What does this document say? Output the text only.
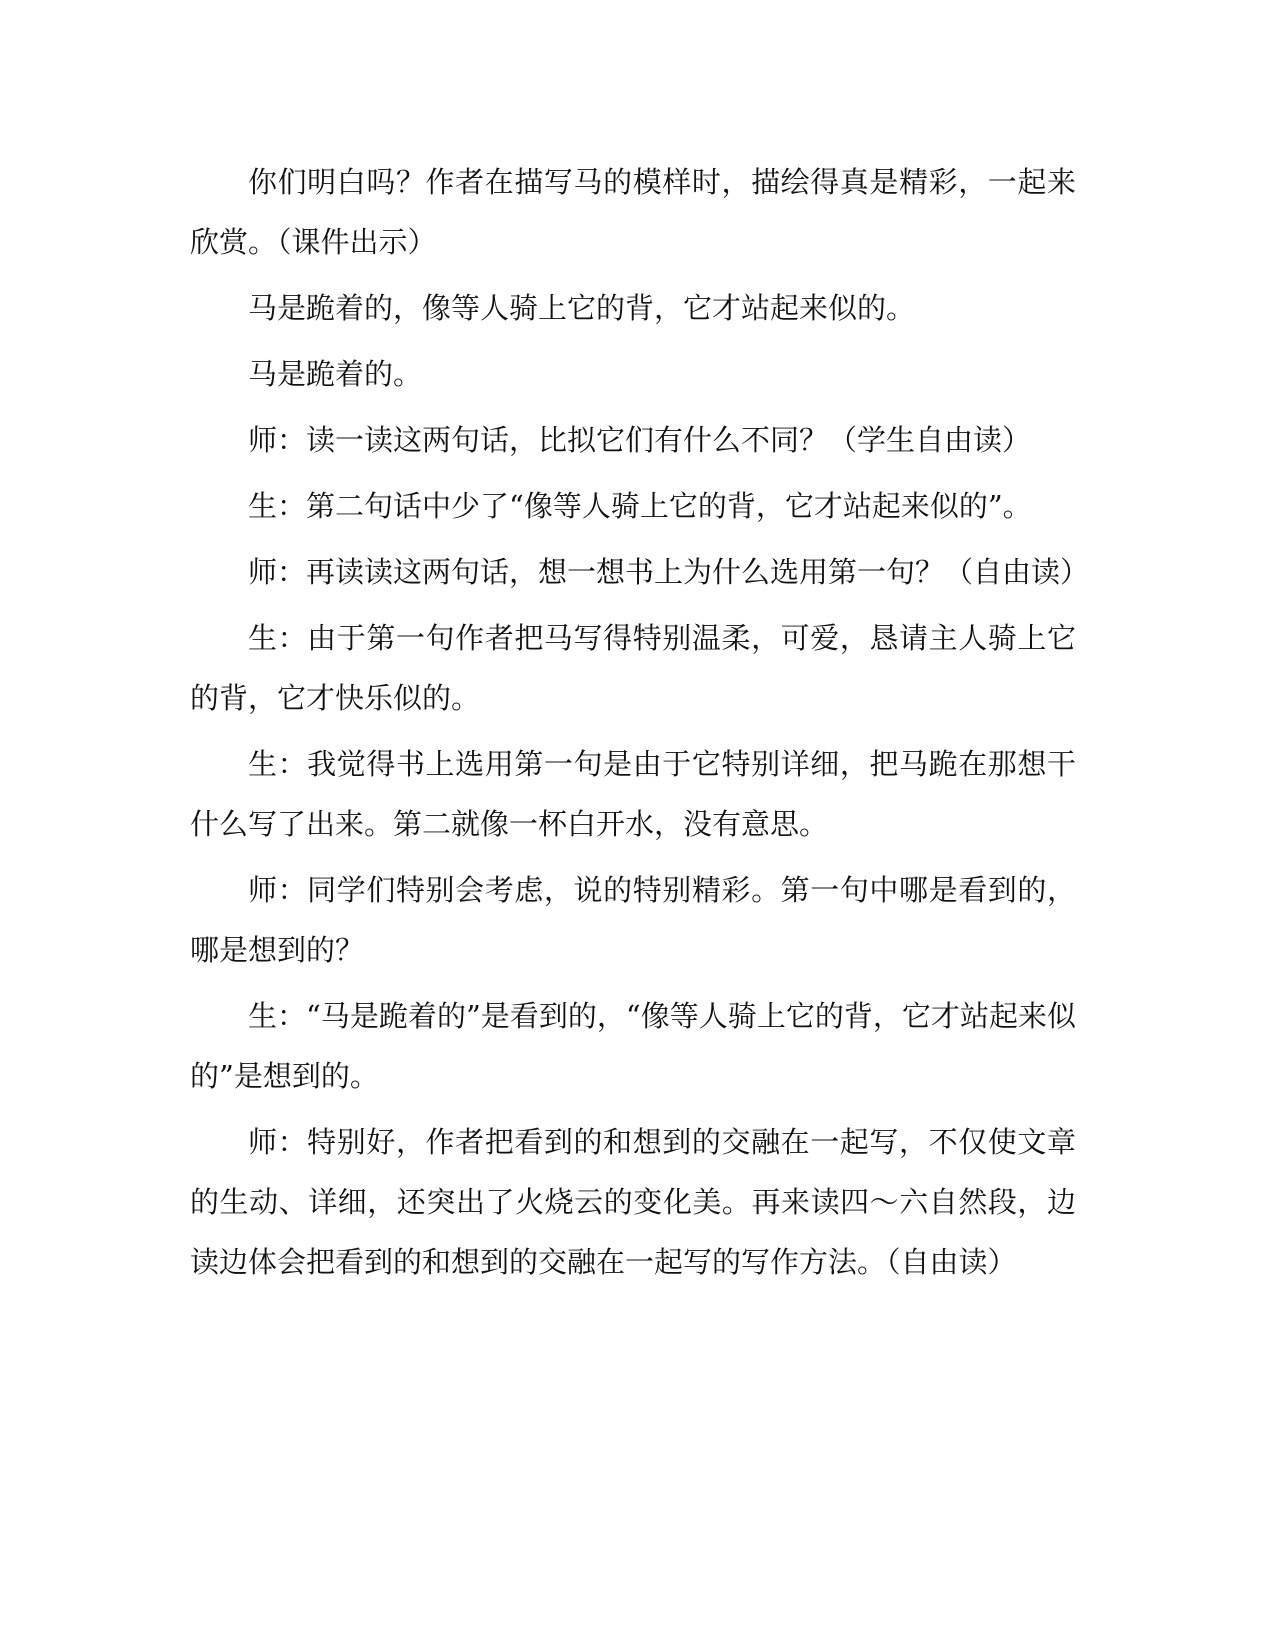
你们明白吗？作者在描写马的模样时，描绘得真是精彩，一起来欣赏。（课件出示）

马是跪着的，像等人骑上它的背，它才站起来似的。

马是跪着的。

师：读一读这两句话，比拟它们有什么不同？（学生自由读）

生：第二句话中少了“像等人骑上它的背，它才站起来似的”。

师：再读读这两句话，想一想书上为什么选用第一句？（自由读）

生：由于第一句作者把马写得特别温柔，可爱，恳请主人骑上它的背，它才快乐似的。

生：我觉得书上选用第一句是由于它特别详细，把马跪在那想干什么写了出来。第二就像一杯白开水，没有意思。

师：同学们特别会考虑，说的特别精彩。第一句中哪是看到的，哪是想到的？

生：“马是跪着的”是看到的，“像等人骑上它的背，它才站起来似的”是想到的。

师：特别好，作者把看到的和想到的交融在一起写，不仅使文章的生动、详细，还突出了火烧云的变化美。再来读四～六自然段，边读边体会把看到的和想到的交融在一起写的写作方法。（自由读）
